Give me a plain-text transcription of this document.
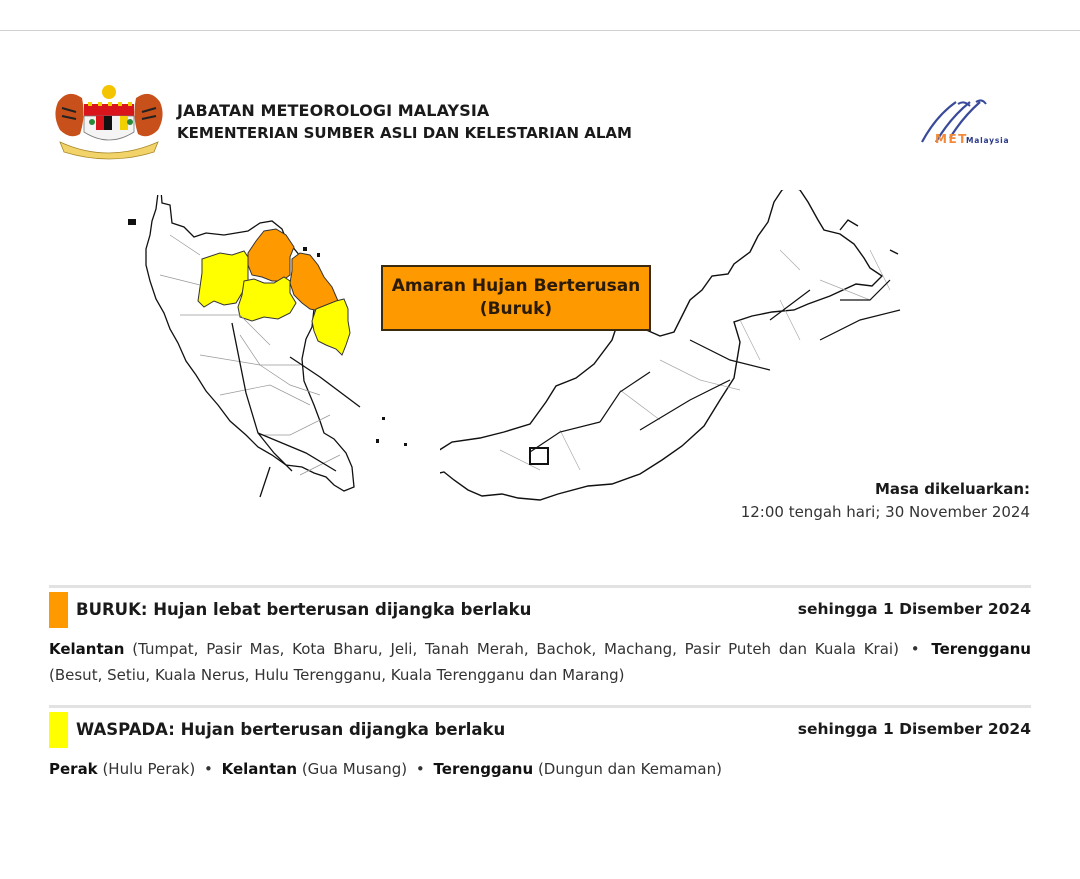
JABATAN METEOROLOGI MALAYSIA
KEMENTERIAN SUMBER ASLI DAN KELESTARIAN ALAM	MET
Malaysia
Amaran Hujan Berterusan
(Buruk)
Masa dikeluarkan:
12:00 tengah hari; 30 November 2024
BURUK: Hujan lebat berterusan dijangka berlaku	sehingga 1 Disember 2024
Kelantan (Tumpat, Pasir Mas, Kota Bharu, Jeli, Tanah Merah, Bachok, Machang, Pasir Puteh dan Kuala Krai) • Terengganu (Besut, Setiu, Kuala Nerus, Hulu Terengganu, Kuala Terengganu dan Marang)
WASPADA: Hujan berterusan dijangka berlaku	sehingga 1 Disember 2024
Perak (Hulu Perak) • Kelantan (Gua Musang) • Terengganu (Dungun dan Kemaman)
